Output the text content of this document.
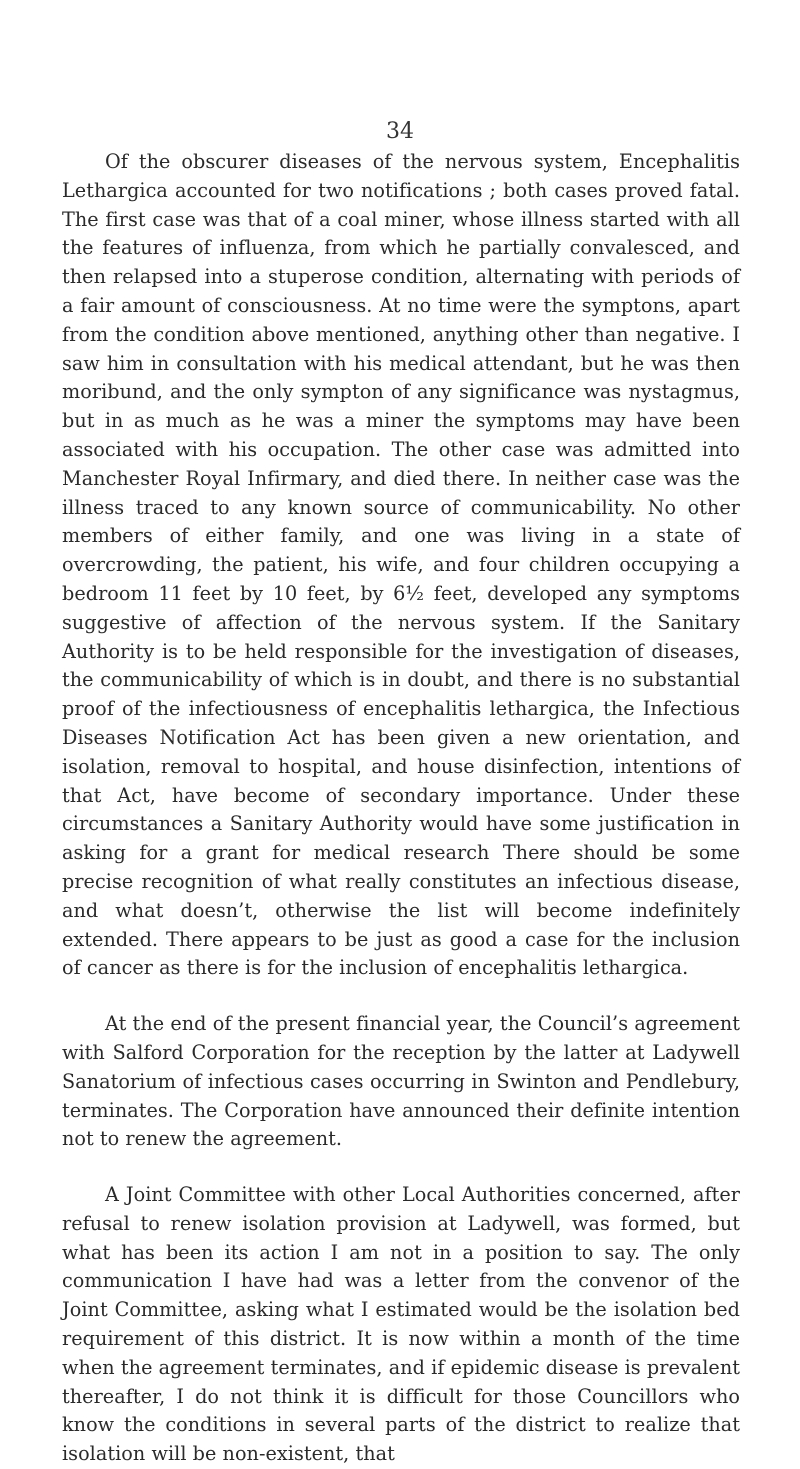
34

Of the obscurer diseases of the nervous system, Encephalitis Lethargica accounted for two notifications ; both cases proved fatal. The first case was that of a coal miner, whose illness started with all the features of influenza, from which he partially convalesced, and then relapsed into a stuperose condition, alternating with periods of a fair amount of consciousness. At no time were the symptons, apart from the condition above mentioned, anything other than negative. I saw him in consultation with his medical attendant, but he was then moribund, and the only sympton of any significance was nystagmus, but in as much as he was a miner the symptoms may have been associated with his occupation. The other case was admitted into Manchester Royal Infirmary, and died there. In neither case was the illness traced to any known source of communicability. No other members of either family, and one was living in a state of overcrowding, the patient, his wife, and four children occupying a bedroom 11 feet by 10 feet, by 6½ feet, developed any symptoms suggestive of affection of the nervous system. If the Sanitary Authority is to be held responsible for the investigation of diseases, the communicability of which is in doubt, and there is no substantial proof of the infectiousness of encephalitis lethargica, the Infectious Diseases Notification Act has been given a new orientation, and isolation, removal to hospital, and house disinfection, intentions of that Act, have become of secondary importance. Under these circumstances a Sanitary Authority would have some justification in asking for a grant for medical research There should be some precise recognition of what really constitutes an infectious disease, and what doesn’t, otherwise the list will become indefinitely extended. There appears to be just as good a case for the inclusion of cancer as there is for the inclusion of encephalitis lethargica.

At the end of the present financial year, the Council’s agreement with Salford Corporation for the reception by the latter at Ladywell Sanatorium of infectious cases occurring in Swinton and Pendlebury, terminates. The Corporation have announced their definite intention not to renew the agreement.

A Joint Committee with other Local Authorities concerned, after refusal to renew isolation provision at Ladywell, was formed, but what has been its action I am not in a position to say. The only communication I have had was a letter from the convenor of the Joint Committee, asking what I estimated would be the isolation bed requirement of this district. It is now within a month of the time when the agreement terminates, and if epidemic disease is prevalent thereafter, I do not think it is difficult for those Councillors who know the conditions in several parts of the district to realize that isolation will be non-existent, that
